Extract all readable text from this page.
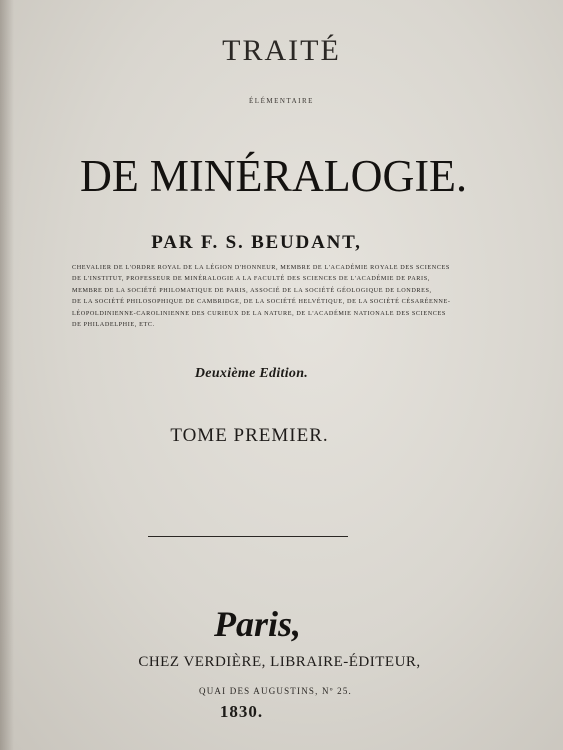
TRAITÉ
ÉLÉMENTAIRE
DE MINÉRALOGIE.
PAR F. S. BEUDANT,
CHEVALIER DE L'ORDRE ROYAL DE LA LÉGION D'HONNEUR, MEMBRE DE L'ACADÉMIE ROYALE DES SCIENCES
DE L'INSTITUT, PROFESSEUR DE MINÉRALOGIE A LA FACULTÉ DES SCIENCES DE L'ACADÉMIE DE PARIS,
MEMBRE DE LA SOCIÉTÉ PHILOMATIQUE DE PARIS, ASSOCIÉ DE LA SOCIÉTÉ GÉOLOGIQUE DE LONDRES,
DE LA SOCIÉTÉ PHILOSOPHIQUE DE CAMBRIDGE, DE LA SOCIÉTÉ HELVÉTIQUE, DE LA SOCIÉTÉ CÉSARÉENNE-
LÉOPOLDINIENNE-CAROLINIENNE DES CURIEUX DE LA NATURE, DE L'ACADÉMIE NATIONALE DES SCIENCES
DE PHILADELPHIE, ETC.
Deuxième Edition.
TOME PREMIER.
Paris,
CHEZ VERDIÈRE, LIBRAIRE-ÉDITEUR,
QUAI DES AUGUSTINS, Nº 25.
1830.
